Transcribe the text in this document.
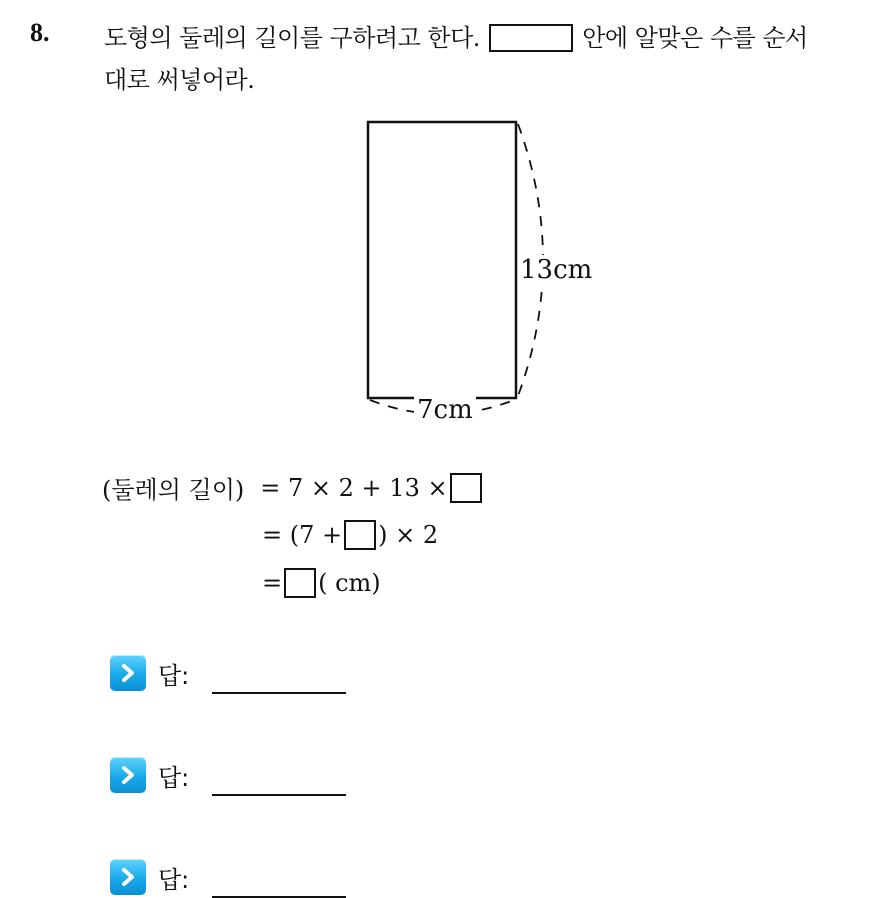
8. 도형의 둘레의 길이를 구하려고 한다.	안에 알맞은 수를 순서
대로 써넣어라.
13cm
7cm
(둘레의 길이) = 7 × 2 + 13 ×
= (7 + ) × 2
= ( cm)
답:
답:
답:
